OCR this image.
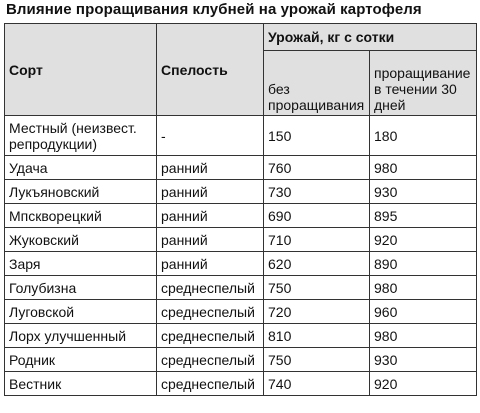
Влияние проращивания клубней на урожай картофеля
Сорт	Спелость	Урожай, кг с сотки	
		без проращивания	проращивание в течении 30 дней
Местный (неизвест. репродукции)	-	150	180
Удача	ранний	760	980
Лукъяновский	ранний	730	930
Мпскворецкий	ранний	690	895
Жуковский	ранний	710	920
Заря	ранний	620	890
Голубизна	среднеспелый	750	980
Луговской	среднеспелый	720	960
Лорх улучшенный	среднеспелый	810	980
Родник	среднеспелый	750	930
Вестник	среднеспелый	740	920
